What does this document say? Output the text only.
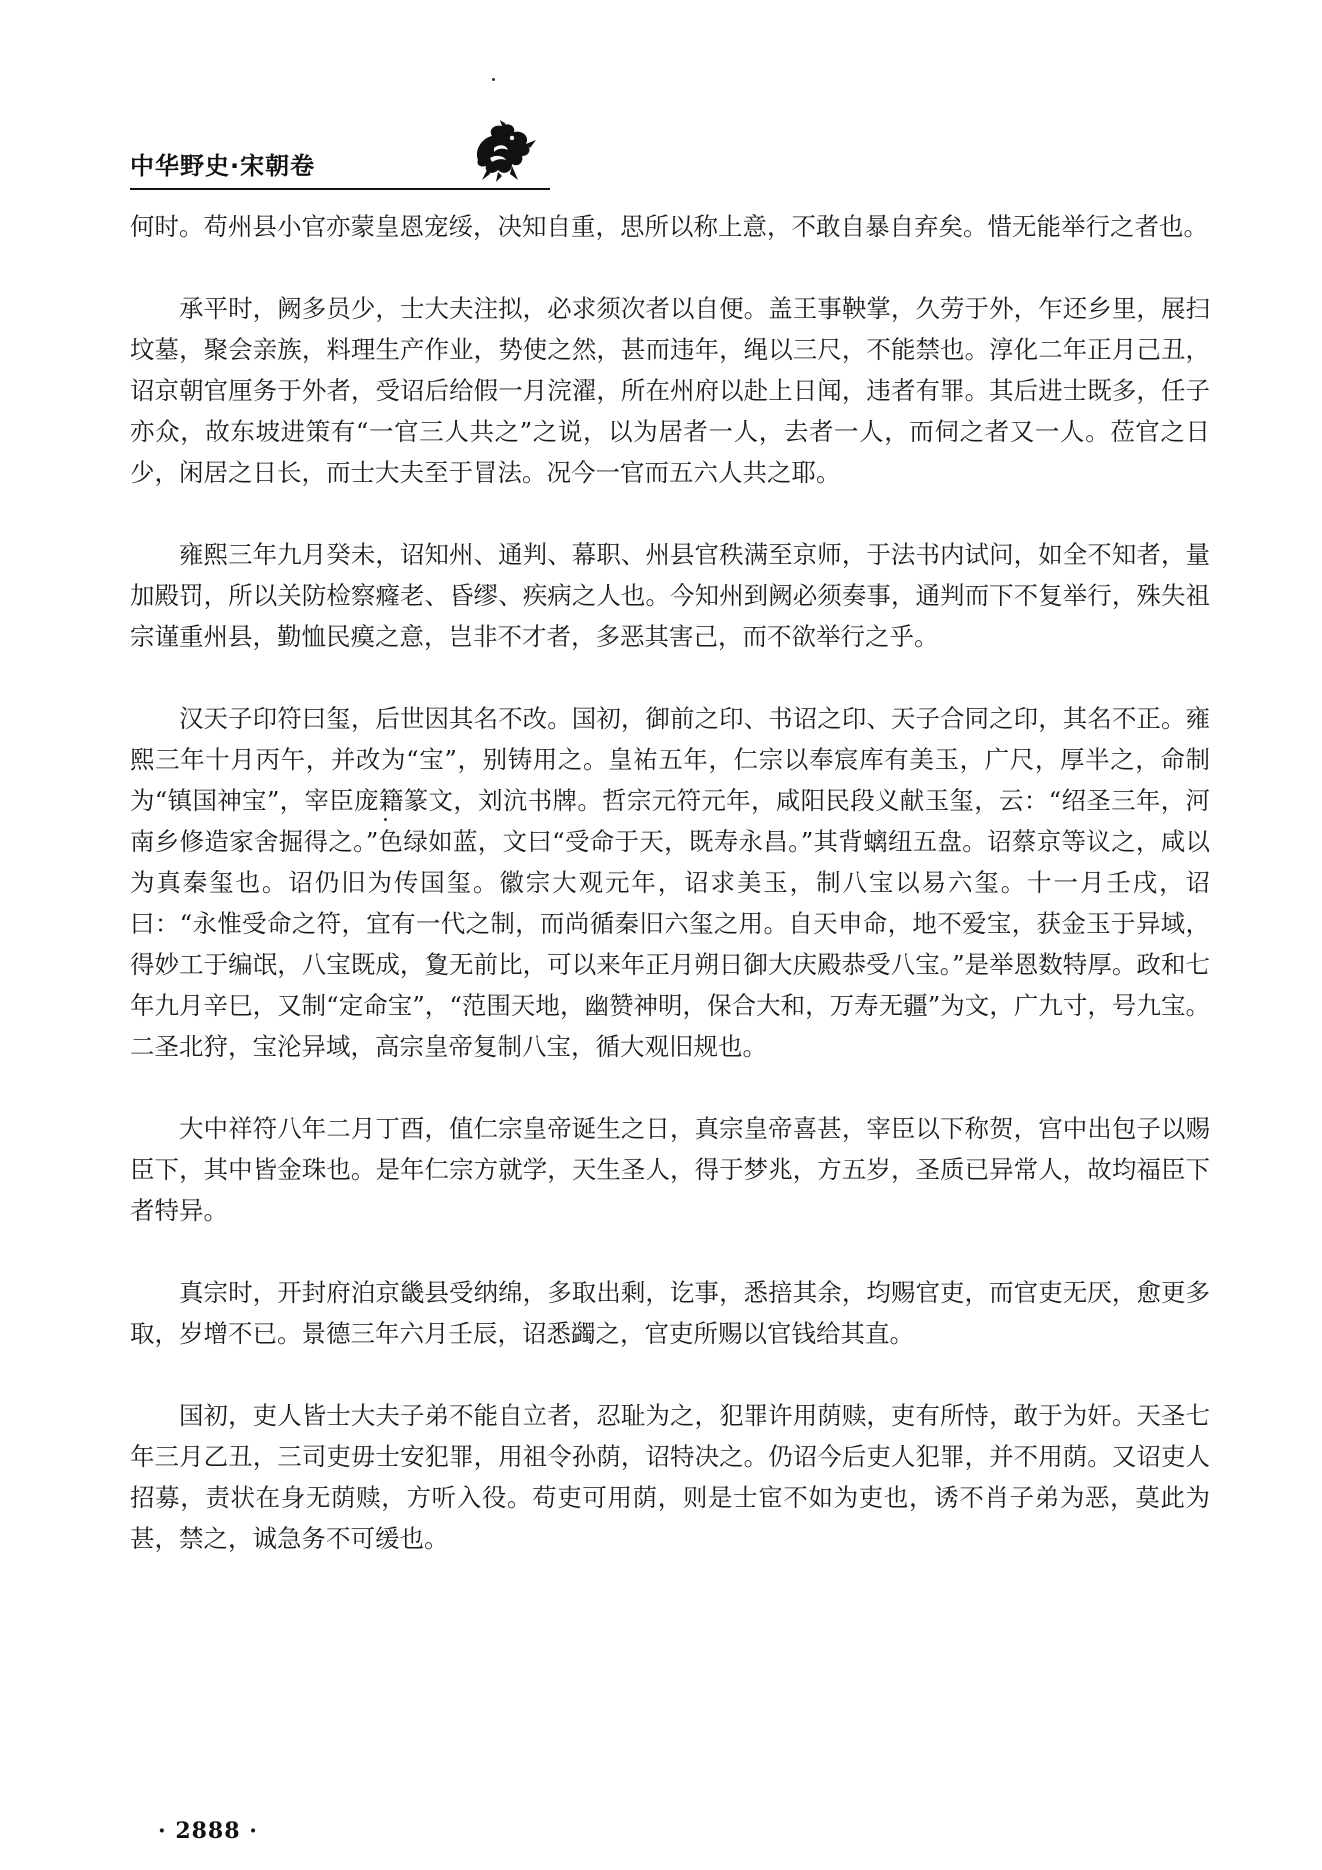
中华野史·宋朝卷

何时。苟州县小官亦蒙皇恩宠绥，决知自重，思所以称上意，不敢自暴自弃矣。惜无能举行之者也。

承平时，阙多员少，士大夫注拟，必求须次者以自便。盖王事鞅掌，久劳于外，乍还乡里，展扫坟墓，聚会亲族，料理生产作业，势使之然，甚而违年，绳以三尺，不能禁也。淳化二年正月己丑，诏京朝官厘务于外者，受诏后给假一月浣濯，所在州府以赴上日闻，违者有罪。其后进士既多，任子亦众，故东坡进策有“一官三人共之”之说，以为居者一人，去者一人，而伺之者又一人。莅官之日少，闲居之日长，而士大夫至于冒法。况今一官而五六人共之耶。

雍熙三年九月癸未，诏知州、通判、幕职、州县官秩满至京师，于法书内试问，如全不知者，量加殿罚，所以关防检察癃老、昏缪、疾病之人也。今知州到阙必须奏事，通判而下不复举行，殊失祖宗谨重州县，勤恤民瘼之意，岂非不才者，多恶其害己，而不欲举行之乎。

汉天子印符曰玺，后世因其名不改。国初，御前之印、书诏之印、天子合同之印，其名不正。雍熙三年十月丙午，并改为“宝”，别铸用之。皇祐五年，仁宗以奉宸库有美玉，广尺，厚半之，命制为“镇国神宝”，宰臣庞籍篆文，刘沆书牌。哲宗元符元年，咸阳民段义献玉玺，云：“绍圣三年，河南乡修造家舍掘得之。”色绿如蓝，文曰“受命于天，既寿永昌。”其背螭纽五盘。诏蔡京等议之，咸以为真秦玺也。诏仍旧为传国玺。徽宗大观元年，诏求美玉，制八宝以易六玺。十一月壬戌，诏曰：“永惟受命之符，宜有一代之制，而尚循秦旧六玺之用。自天申命，地不爱宝，获金玉于异域，得妙工于编氓，八宝既成，夐无前比，可以来年正月朔日御大庆殿恭受八宝。”是举恩数特厚。政和七年九月辛巳，又制“定命宝”，“范围天地，幽赞神明，保合大和，万寿无疆”为文，广九寸，号九宝。二圣北狩，宝沦异域，高宗皇帝复制八宝，循大观旧规也。

大中祥符八年二月丁酉，值仁宗皇帝诞生之日，真宗皇帝喜甚，宰臣以下称贺，宫中出包子以赐臣下，其中皆金珠也。是年仁宗方就学，天生圣人，得于梦兆，方五岁，圣质已异常人，故均福臣下者特异。

真宗时，开封府泊京畿县受纳绵，多取出剩，讫事，悉掊其余，均赐官吏，而官吏无厌，愈更多取，岁增不已。景德三年六月壬辰，诏悉蠲之，官吏所赐以官钱给其直。

国初，吏人皆士大夫子弟不能自立者，忍耻为之，犯罪许用荫赎，吏有所恃，敢于为奸。天圣七年三月乙丑，三司吏毋士安犯罪，用祖令孙荫，诏特决之。仍诏今后吏人犯罪，并不用荫。又诏吏人招募，责状在身无荫赎，方听入役。苟吏可用荫，则是士宦不如为吏也，诱不肖子弟为恶，莫此为甚，禁之，诚急务不可缓也。

· 2888 ·
